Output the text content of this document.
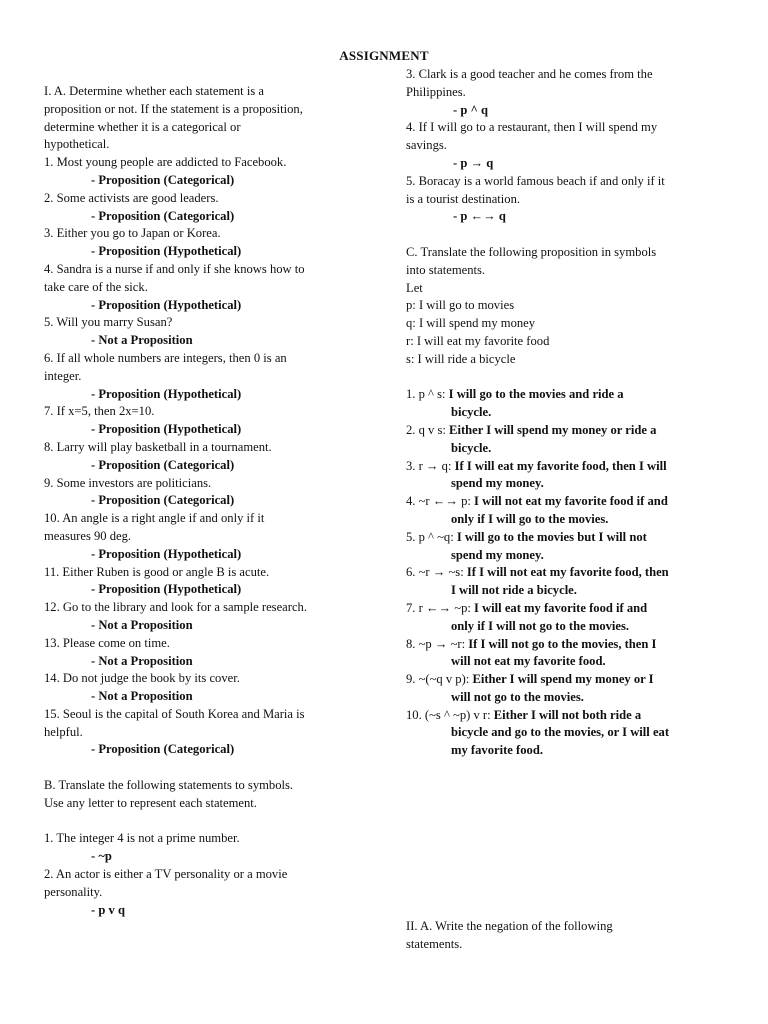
ASSIGNMENT
I. A. Determine whether each statement is a
proposition or not. If the statement is a proposition,
determine whether it is a categorical or
hypothetical.
1. Most young people are addicted to Facebook.
- Proposition (Categorical)
2. Some activists are good leaders.
- Proposition (Categorical)
3. Either you go to Japan or Korea.
- Proposition (Hypothetical)
4. Sandra is a nurse if and only if she knows how to
take care of the sick.
- Proposition (Hypothetical)
5. Will you marry Susan?
- Not a Proposition
6. If all whole numbers are integers, then 0 is an
integer.
- Proposition (Hypothetical)
7. If x=5, then 2x=10.
- Proposition (Hypothetical)
8. Larry will play basketball in a tournament.
- Proposition (Categorical)
9. Some investors are politicians.
- Proposition (Categorical)
10. An angle is a right angle if and only if it
measures 90 deg.
- Proposition (Hypothetical)
11. Either Ruben is good or angle B is acute.
- Proposition (Hypothetical)
12. Go to the library and look for a sample research.
- Not a Proposition
13. Please come on time.
- Not a Proposition
14. Do not judge the book by its cover.
- Not a Proposition
15. Seoul is the capital of South Korea and Maria is
helpful.
- Proposition (Categorical)
B. Translate the following statements to symbols.
Use any letter to represent each statement.
1. The integer 4 is not a prime number.
- ~p
2. An actor is either a TV personality or a movie
personality.
- p v q
3. Clark is a good teacher and he comes from the
Philippines.
- p ^ q
4. If I will go to a restaurant, then I will spend my
savings.
- p → q
5. Boracay is a world famous beach if and only if it
is a tourist destination.
- p ←→ q
C. Translate the following proposition in symbols
into statements.
Let
p: I will go to movies
q: I will spend my money
r: I will eat my favorite food
s: I will ride a bicycle
1. p ^ s: I will go to the movies and ride a
bicycle.
2. q v s: Either I will spend my money or ride a
bicycle.
3. r → q: If I will eat my favorite food, then I will
spend my money.
4. ~r ←→ p: I will not eat my favorite food if and
only if I will go to the movies.
5. p ^ ~q: I will go to the movies but I will not
spend my money.
6. ~r → ~s: If I will not eat my favorite food, then
I will not ride a bicycle.
7. r ←→ ~p: I will eat my favorite food if and
only if I will not go to the movies.
8. ~p → ~r: If I will not go to the movies, then I
will not eat my favorite food.
9. ~(~q v p): Either I will spend my money or I
will not go to the movies.
10. (~s ^ ~p) v r: Either I will not both ride a
bicycle and go to the movies, or I will eat
my favorite food.
II. A. Write the negation of the following
statements.
